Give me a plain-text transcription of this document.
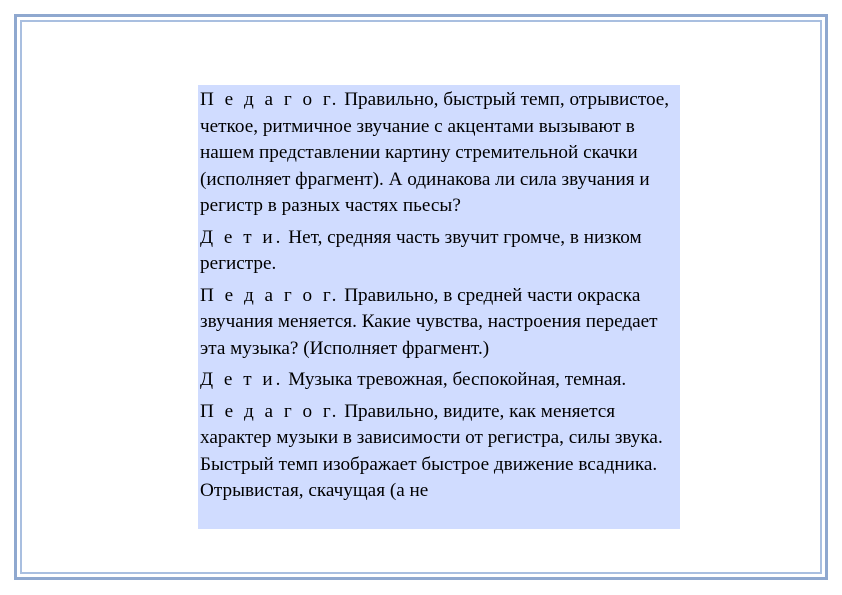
П е д а г о г. Правильно, быстрый темп, отрывистое, четкое, ритмичное звучание с акцентами вызывают в нашем представлении картину стремительной скачки (исполняет фрагмент). А одинакова ли сила звучания и регистр в разных частях пьесы?

Д е т и. Нет, средняя часть звучит громче, в низком регистре.

П е д а г о г. Правильно, в средней части окраска звучания меняется. Какие чувства, настроения передает эта музыка? (Исполняет фрагмент.)

Д е т и. Музыка тревожная, беспокойная, темная.

П е д а г о г. Правильно, видите, как меняется характер музыки в зависимости от регистра, силы звука. Быстрый темп изображает быстрое движение всадника. Отрывистая, скачущая (а не
